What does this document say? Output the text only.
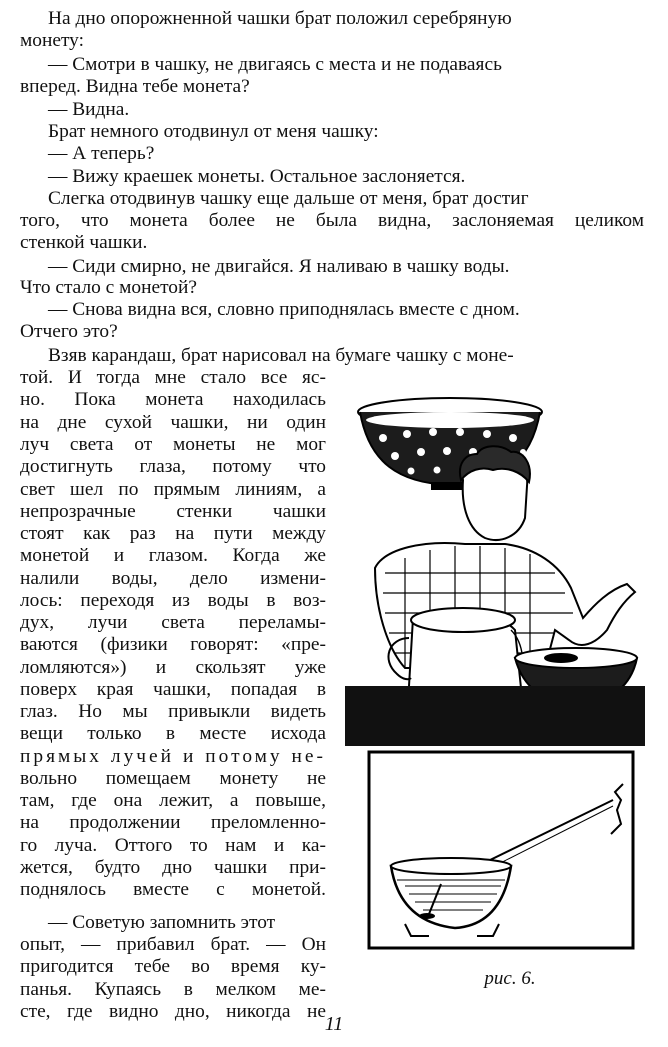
На дно опорожненной чашки брат положил серебряную
монету:
— Смотри в чашку, не двигаясь с места и не подаваясь
вперед. Видна тебе монета?
— Видна.
Брат немного отодвинул от меня чашку:
— А теперь?
— Вижу краешек монеты. Остальное заслоняется.
Слегка отодвинув чашку еще дальше от меня, брат достиг
того, что монета более не была видна, заслоняемая целиком
стенкой чашки.
— Сиди смирно, не двигайся. Я наливаю в чашку воды.
Что стало с монетой?
— Снова видна вся, словно приподнялась вместе с дном.
Отчего это?
Взяв карандаш, брат нарисовал на бумаге чашку с моне-
той. И тогда мне стало все яс-
но. Пока монета находилась
на дне сухой чашки, ни один
луч света от монеты не мог
достигнуть глаза, потому что
свет шел по прямым линиям, а
непрозрачные стенки чашки
стоят как раз на пути между
монетой и глазом. Когда же
налили воды, дело измени-
лось: переходя из воды в воз-
дух, лучи света переламы-
ваются (физики говорят: «пре-
ломляются») и скользят уже
поверх края чашки, попадая в
глаз. Но мы привыкли видеть
вещи только в месте исхода
прямых лучей и потому не-
вольно помещаем монету не
там, где она лежит, а повыше,
на продолжении преломленно-
го луча. Оттого то нам и ка-
жется, будто дно чашки при-
поднялось вместе с монетой.
— Советую запомнить этот
опыт, — прибавил брат. — Он
пригодится тебе во время ку-
панья. Купаясь в мелком ме-
сте, где видно дно, никогда не
рис. 6.
11
